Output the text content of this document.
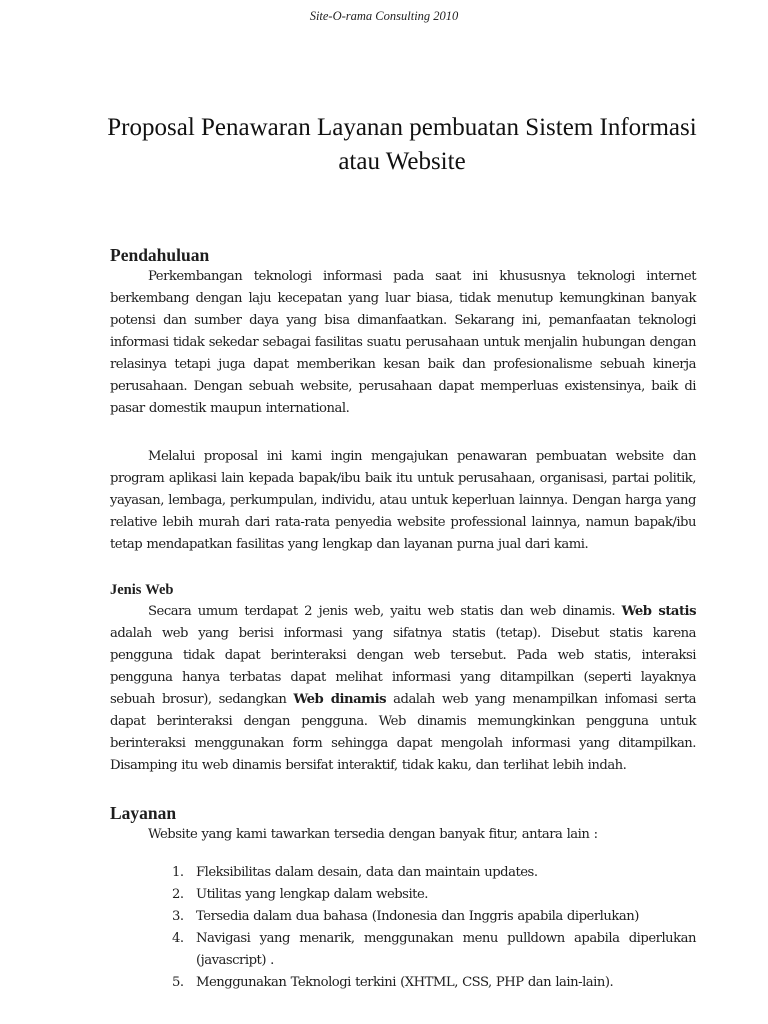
Site-O-rama Consulting 2010
Proposal Penawaran Layanan pembuatan Sistem Informasi atau Website
Pendahuluan

Perkembangan teknologi informasi pada saat ini khususnya teknologi internet berkembang dengan laju kecepatan yang luar biasa, tidak menutup kemungkinan banyak potensi dan sumber daya yang bisa dimanfaatkan. Sekarang ini, pemanfaatan teknologi informasi tidak sekedar sebagai fasilitas suatu perusahaan untuk menjalin hubungan dengan relasinya tetapi juga dapat memberikan kesan baik dan profesionalisme sebuah kinerja perusahaan. Dengan sebuah website, perusahaan dapat memperluas existensinya, baik di pasar domestik maupun international.

Melalui proposal ini kami ingin mengajukan penawaran pembuatan website dan program aplikasi lain kepada bapak/ibu baik itu untuk perusahaan, organisasi, partai politik, yayasan, lembaga, perkumpulan, individu, atau untuk keperluan lainnya. Dengan harga yang relative lebih murah dari rata-rata penyedia website professional lainnya, namun bapak/ibu tetap mendapatkan fasilitas yang lengkap dan layanan purna jual dari kami.

Jenis Web

Secara umum terdapat 2 jenis web, yaitu web statis dan web dinamis. Web statis adalah web yang berisi informasi yang sifatnya statis (tetap). Disebut statis karena pengguna tidak dapat berinteraksi dengan web tersebut. Pada web statis, interaksi pengguna hanya terbatas dapat melihat informasi yang ditampilkan (seperti layaknya sebuah brosur), sedangkan Web dinamis adalah web yang menampilkan infomasi serta dapat berinteraksi dengan pengguna. Web dinamis memungkinkan pengguna untuk berinteraksi menggunakan form sehingga dapat mengolah informasi yang ditampilkan. Disamping itu web dinamis bersifat interaktif, tidak kaku, dan terlihat lebih indah.

Layanan

Website yang kami tawarkan tersedia dengan banyak fitur, antara lain :

1. Fleksibilitas dalam desain, data dan maintain updates.
2. Utilitas yang lengkap dalam website.
3. Tersedia dalam dua bahasa (Indonesia dan Inggris apabila diperlukan)
4. Navigasi yang menarik, menggunakan menu pulldown apabila diperlukan (javascript) .
5. Menggunakan Teknologi terkini (XHTML, CSS, PHP dan lain-lain).
